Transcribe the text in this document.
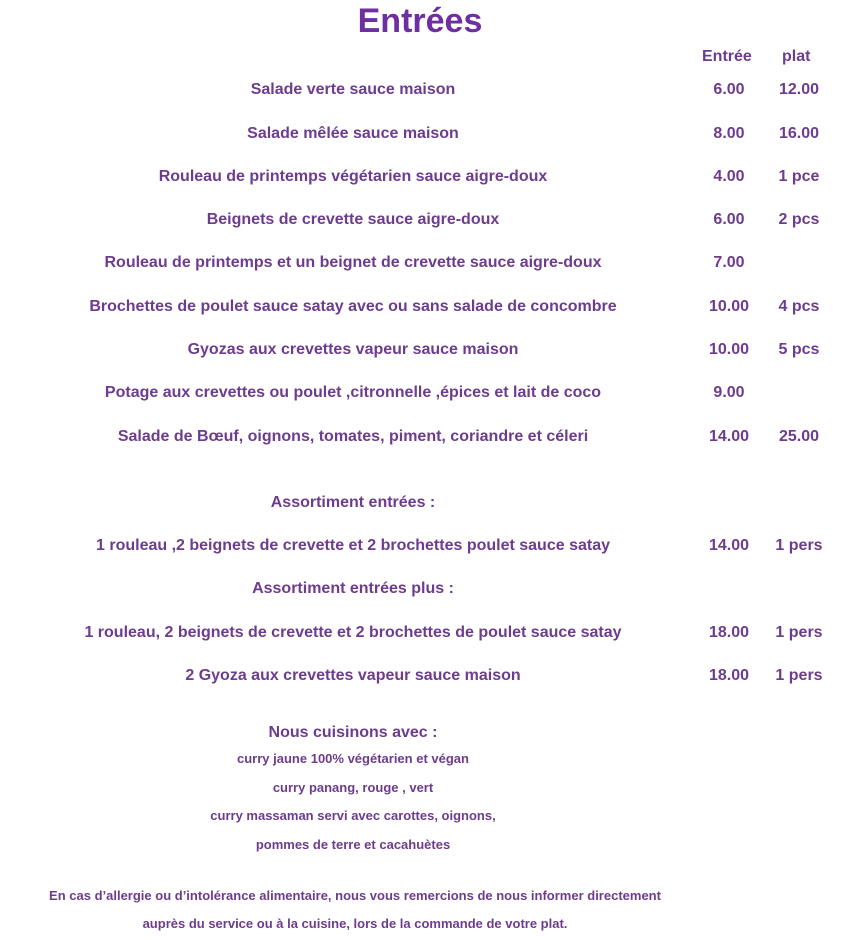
Entrées
Entrée plat
Salade verte sauce maison	6.00	12.00
Salade mêlée sauce maison	8.00	16.00
Rouleau de printemps végétarien sauce aigre-doux	4.00	1 pce
Beignets de crevette sauce aigre-doux	6.00	2 pcs
Rouleau de printemps et un beignet de crevette sauce aigre-doux	7.00
Brochettes de poulet sauce satay avec ou sans salade de concombre	10.00	4 pcs
Gyozas aux crevettes vapeur sauce maison	10.00	5 pcs
Potage aux crevettes ou poulet ,citronnelle ,épices et lait de coco	9.00
Salade de Bœuf, oignons, tomates, piment, coriandre et céleri	14.00	25.00
Assortiment entrées :
1 rouleau ,2 beignets de crevette et 2 brochettes poulet sauce satay	14.00	1 pers
Assortiment entrées plus :
1 rouleau, 2 beignets de crevette et 2 brochettes de poulet sauce satay	18.00	1 pers
2 Gyoza aux crevettes vapeur sauce maison	18.00	1 pers
Nous cuisinons avec :
curry jaune 100% végétarien et végan
curry panang, rouge , vert
curry massaman servi avec carottes, oignons,
pommes de terre et cacahuètes
En cas d’allergie ou d’intolérance alimentaire, nous vous remercions de nous informer directement
auprès du service ou à la cuisine, lors de la commande de votre plat.
